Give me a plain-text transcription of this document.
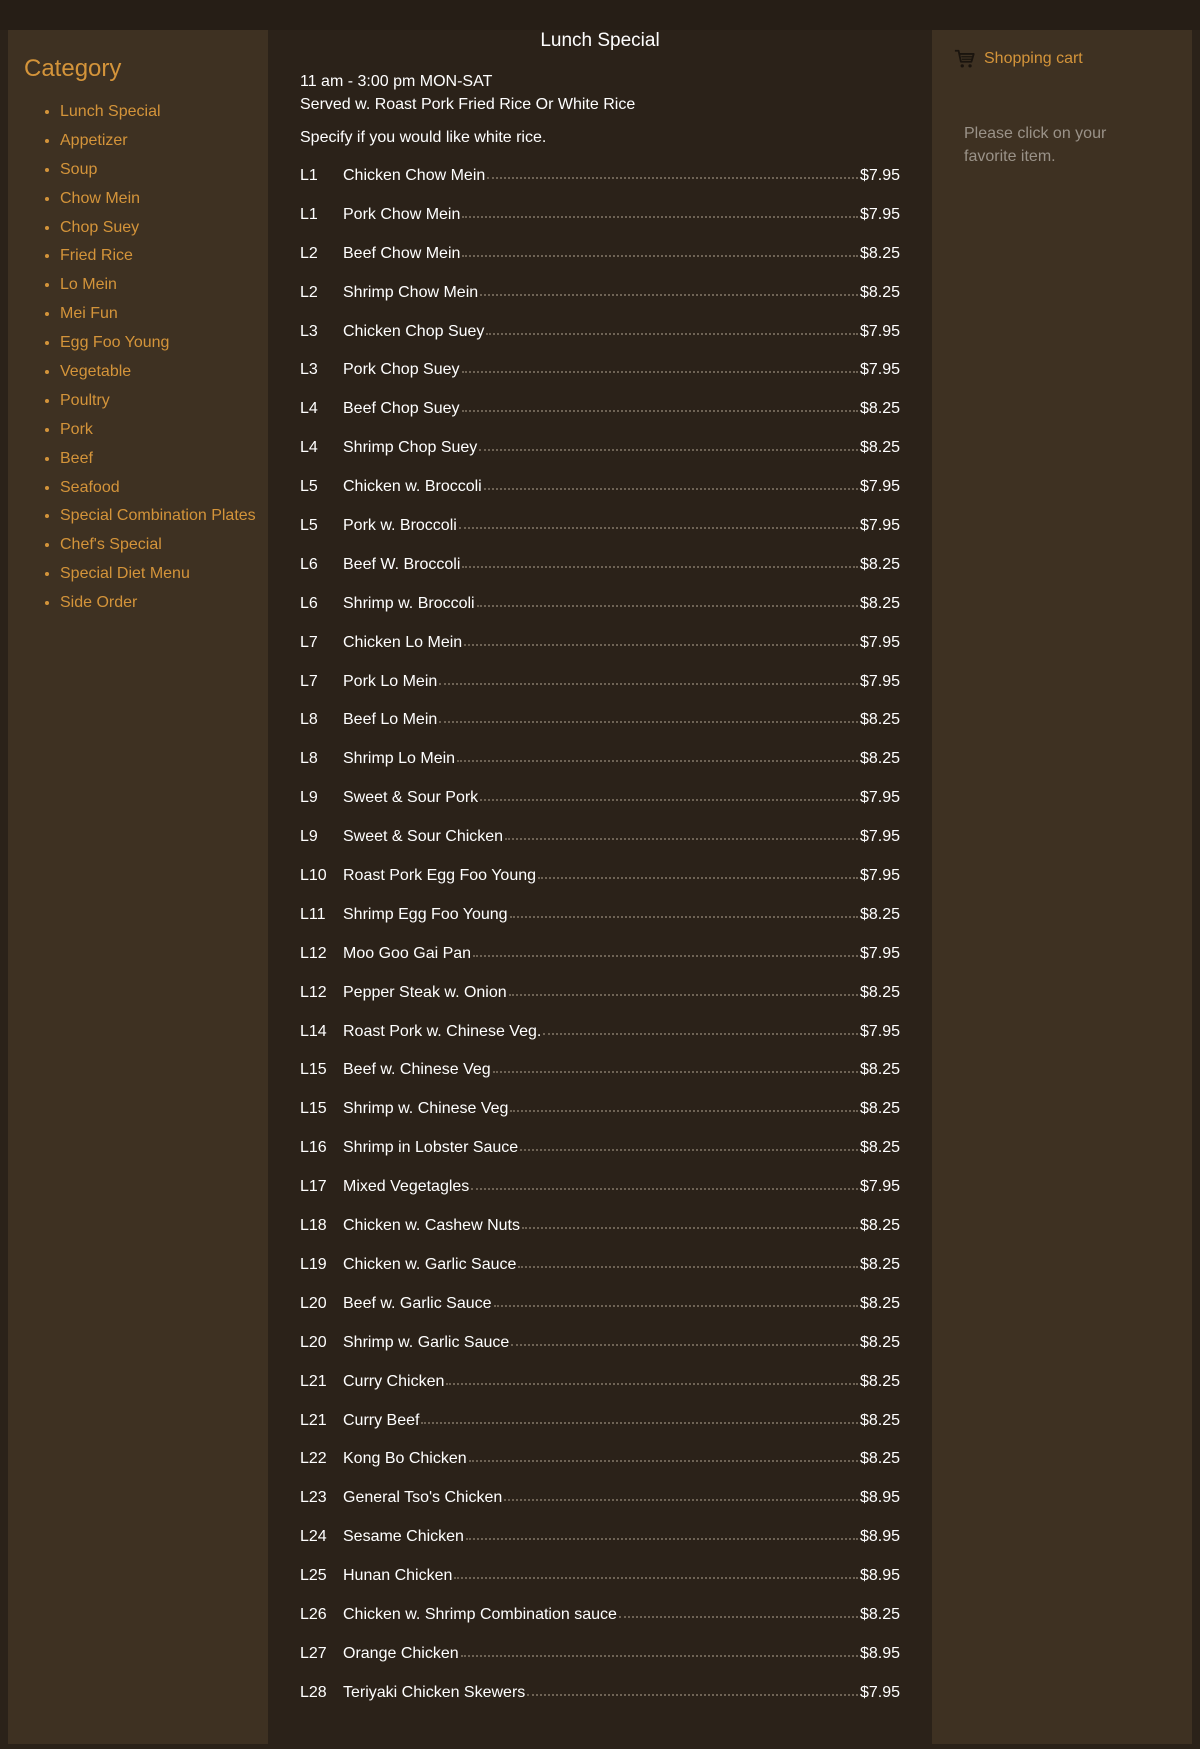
Category
• Lunch Special
• Appetizer
• Soup
• Chow Mein
• Chop Suey
• Fried Rice
• Lo Mein
• Mei Fun
• Egg Foo Young
• Vegetable
• Poultry
• Pork
• Beef
• Seafood
• Special Combination Plates
• Chef's Special
• Special Diet Menu
• Side Order
Lunch Special

11 am - 3:00 pm MON-SAT

Served w. Roast Pork Fried Rice Or White Rice

Specify if you would like white rice.

L1	Chicken Chow Mein	$7.95
L1	Pork Chow Mein	$7.95
L2	Beef Chow Mein	$8.25
L2	Shrimp Chow Mein	$8.25
L3	Chicken Chop Suey	$7.95
L3	Pork Chop Suey	$7.95
L4	Beef Chop Suey	$8.25
L4	Shrimp Chop Suey	$8.25
L5	Chicken w. Broccoli	$7.95
L5	Pork w. Broccoli	$7.95
L6	Beef W. Broccoli	$8.25
L6	Shrimp w. Broccoli	$8.25
L7	Chicken Lo Mein	$7.95
L7	Pork Lo Mein	$7.95
L8	Beef Lo Mein	$8.25
L8	Shrimp Lo Mein	$8.25
L9	Sweet & Sour Pork	$7.95
L9	Sweet & Sour Chicken	$7.95
L10	Roast Pork Egg Foo Young	$7.95
L11	Shrimp Egg Foo Young	$8.25
L12	Moo Goo Gai Pan	$7.95
L12	Pepper Steak w. Onion	$8.25
L14	Roast Pork w. Chinese Veg.	$7.95
L15	Beef w. Chinese Veg	$8.25
L15	Shrimp w. Chinese Veg	$8.25
L16	Shrimp in Lobster Sauce	$8.25
L17	Mixed Vegetagles	$7.95
L18	Chicken w. Cashew Nuts	$8.25
L19	Chicken w. Garlic Sauce	$8.25
L20	Beef w. Garlic Sauce	$8.25
L20	Shrimp w. Garlic Sauce	$8.25
L21	Curry Chicken	$8.25
L21	Curry Beef	$8.25
L22	Kong Bo Chicken	$8.25
L23	General Tso's Chicken	$8.95
L24	Sesame Chicken	$8.95
L25	Hunan Chicken	$8.95
L26	Chicken w. Shrimp Combination sauce	$8.25
L27	Orange Chicken	$8.95
L28	Teriyaki Chicken Skewers	$7.95
Shopping cart
Please click on your favorite item.
